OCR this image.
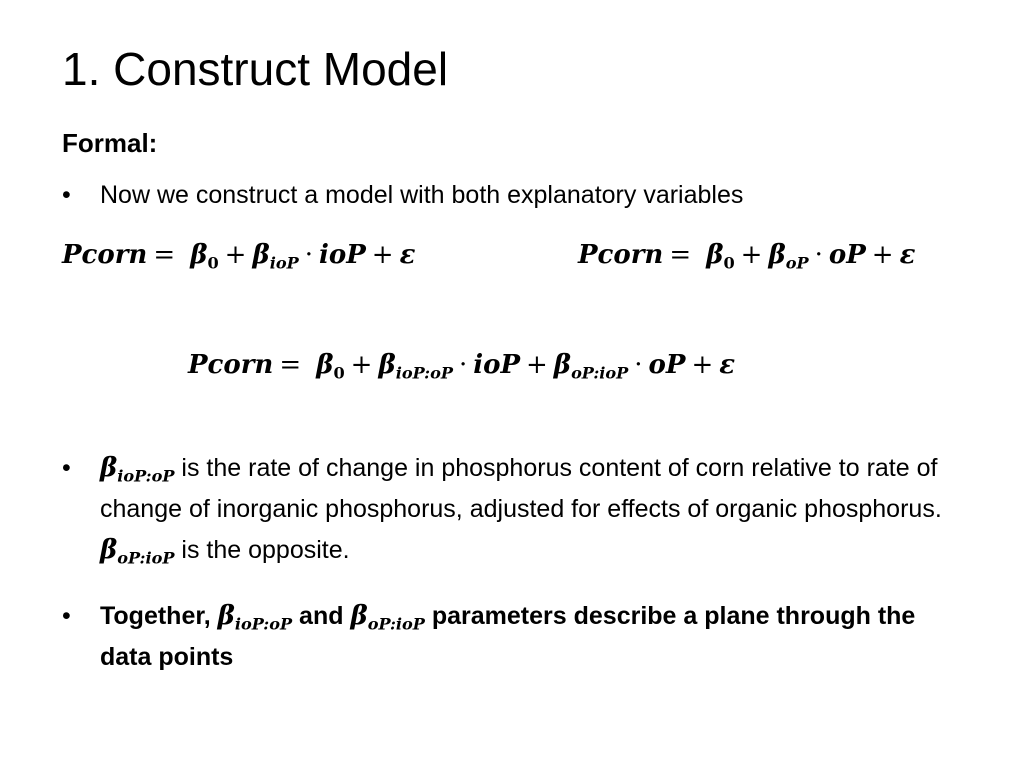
1. Construct Model
Formal:
•	Now we construct a model with both explanatory variables
Pcorn = $\beta_0 + \beta_{ioP}$ · ioP + ε	Pcorn = $\beta_0 + \beta_{oP}$ · oP + ε
Pcorn = $\beta_0 + \beta_{ioP:oP}$ · ioP + $\beta_{oP:ioP}$ · oP + ε
•	$\beta_{ioP:oP}$ is the rate of change in phosphorus content of corn relative to rate of change of inorganic phosphorus, adjusted for effects of organic phosphorus. $\beta_{oP:ioP}$ is the opposite.
•	Together, $\beta_{ioP:oP}$ and $\beta_{oP:ioP}$ parameters describe a plane through the data points
